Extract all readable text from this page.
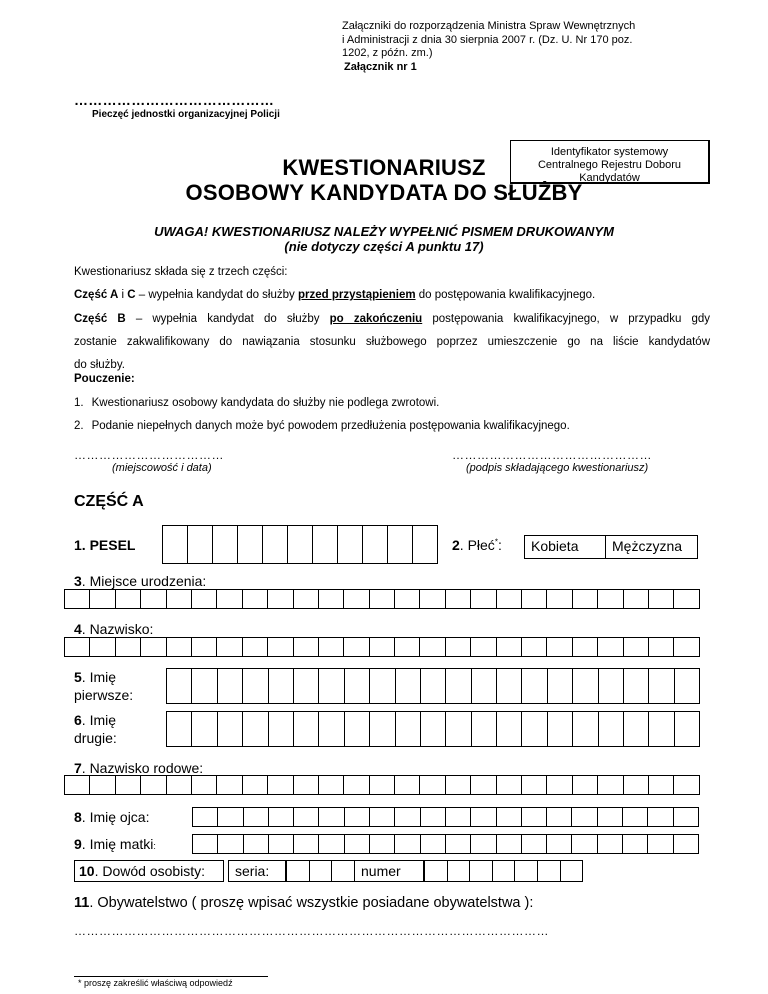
Załączniki do rozporządzenia Ministra Spraw Wewnętrznych
i Administracji z dnia 30 sierpnia 2007 r. (Dz. U. Nr 170 poz.
1202, z późn. zm.)
Załącznik nr 1
……………………………………
Pieczęć jednostki organizacyjnej Policji
Identyfikator systemowy
Centralnego Rejestru Doboru
Kandydatów
KWESTIONARIUSZ
OSOBOWY KANDYDATA DO SŁUŻBY
UWAGA! KWESTIONARIUSZ NALEŻY WYPEŁNIĆ PISMEM DRUKOWANYM
(nie dotyczy części A punktu 17)
Kwestionariusz składa się z trzech części:
Część A i C – wypełnia kandydat do służby przed przystąpieniem do postępowania kwalifikacyjnego.
Część B – wypełnia kandydat do służby po zakończeniu postępowania kwalifikacyjnego, w przypadku gdy
zostanie zakwalifikowany do nawiązania stosunku służbowego poprzez umieszczenie go na liście kandydatów
do służby.
Pouczenie:
1. Kwestionariusz osobowy kandydata do służby nie podlega zwrotowi.
2. Podanie niepełnych danych może być powodem przedłużenia postępowania kwalifikacyjnego.
………………………………
(miejscowość i data)
…………………………………………
(podpis składającego kwestionariusz)
CZĘŚĆ A
1. PESEL	2. Płeć*:	Kobieta	Mężczyzna
3. Miejsce urodzenia:
4. Nazwisko:
5. Imię
pierwsze:
6. Imię
drugie:
7. Nazwisko rodowe:
8. Imię ojca:
9. Imię matki:
10. Dowód osobisty:	seria:	numer
11. Obywatelstwo ( proszę wpisać wszystkie posiadane obywatelstwa ):
……………………………………………………………………………………………………
* proszę zakreślić właściwą odpowiedź
